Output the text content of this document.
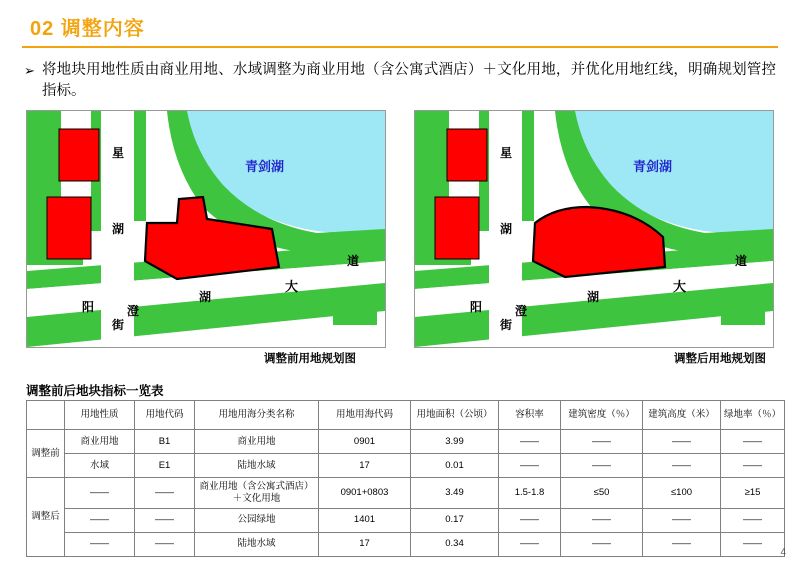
02 调整内容
➢ 将地块用地性质由商业用地、水域调整为商业用地（含公寓式酒店）＋文化用地，并优化用地红线，明确规划管控指标。
青剑湖
星
湖
阳
街
澄
湖
大
道
调整前用地规划图
青剑湖
星
湖
阳
街
澄
湖
大
道
调整后用地规划图
调整前后地块指标一览表
	用地性质	用地代码	用地用海分类名称	用地用海代码	用地面积（公顷）	容积率	建筑密度（％）	建筑高度（米）	绿地率（％）
调整前	商业用地	B1	商业用地	0901	3.99	——	——	——	——
	水域	E1	陆地水域	17	0.01	——	——	——	——
调整后	——	——	商业用地（含公寓式酒店）＋文化用地	0901+0803	3.49	1.5-1.8	≤50	≤100	≥15
	——	——	公园绿地	1401	0.17	——	——	——	——
	——	——	陆地水域	17	0.34	——	——	——	——
4
